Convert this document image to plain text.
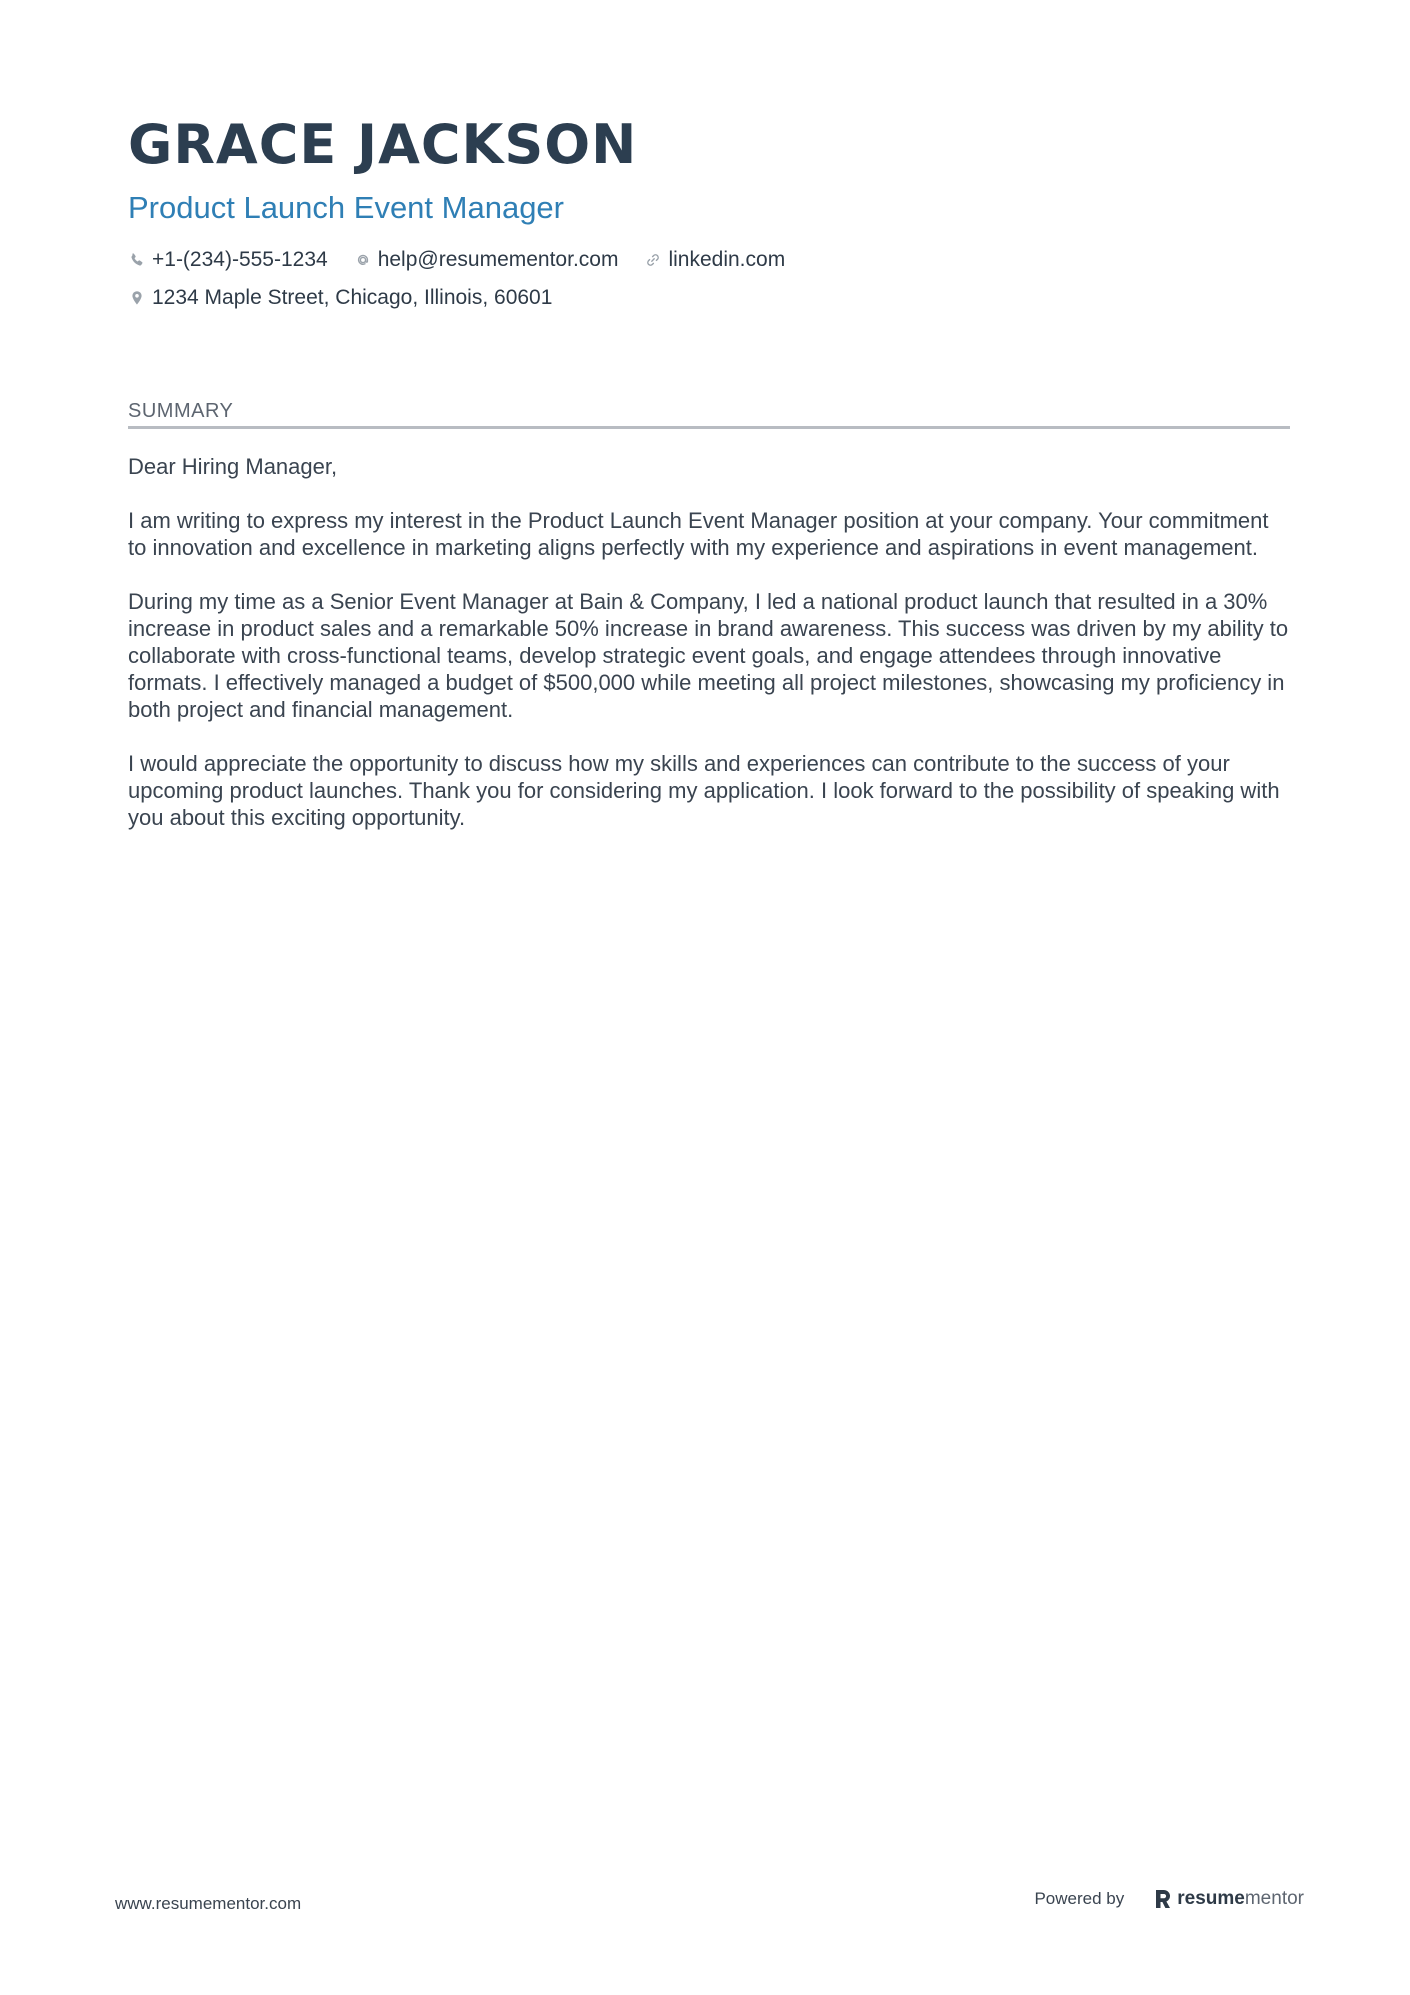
GRACE JACKSON
Product Launch Event Manager
+1-(234)-555-1234 help@resumementor.com linkedin.com
1234 Maple Street, Chicago, Illinois, 60601
SUMMARY

Dear Hiring Manager,

I am writing to express my interest in the Product Launch Event Manager position at your company. Your commitment to innovation and excellence in marketing aligns perfectly with my experience and aspirations in event management.

During my time as a Senior Event Manager at Bain & Company, I led a national product launch that resulted in a 30% increase in product sales and a remarkable 50% increase in brand awareness. This success was driven by my ability to collaborate with cross-functional teams, develop strategic event goals, and engage attendees through innovative formats. I effectively managed a budget of $500,000 while meeting all project milestones, showcasing my proficiency in both project and financial management.

I would appreciate the opportunity to discuss how my skills and experiences can contribute to the success of your upcoming product launches. Thank you for considering my application. I look forward to the possibility of speaking with you about this exciting opportunity.

www.resumementor.com	Powered by	resume mentor
